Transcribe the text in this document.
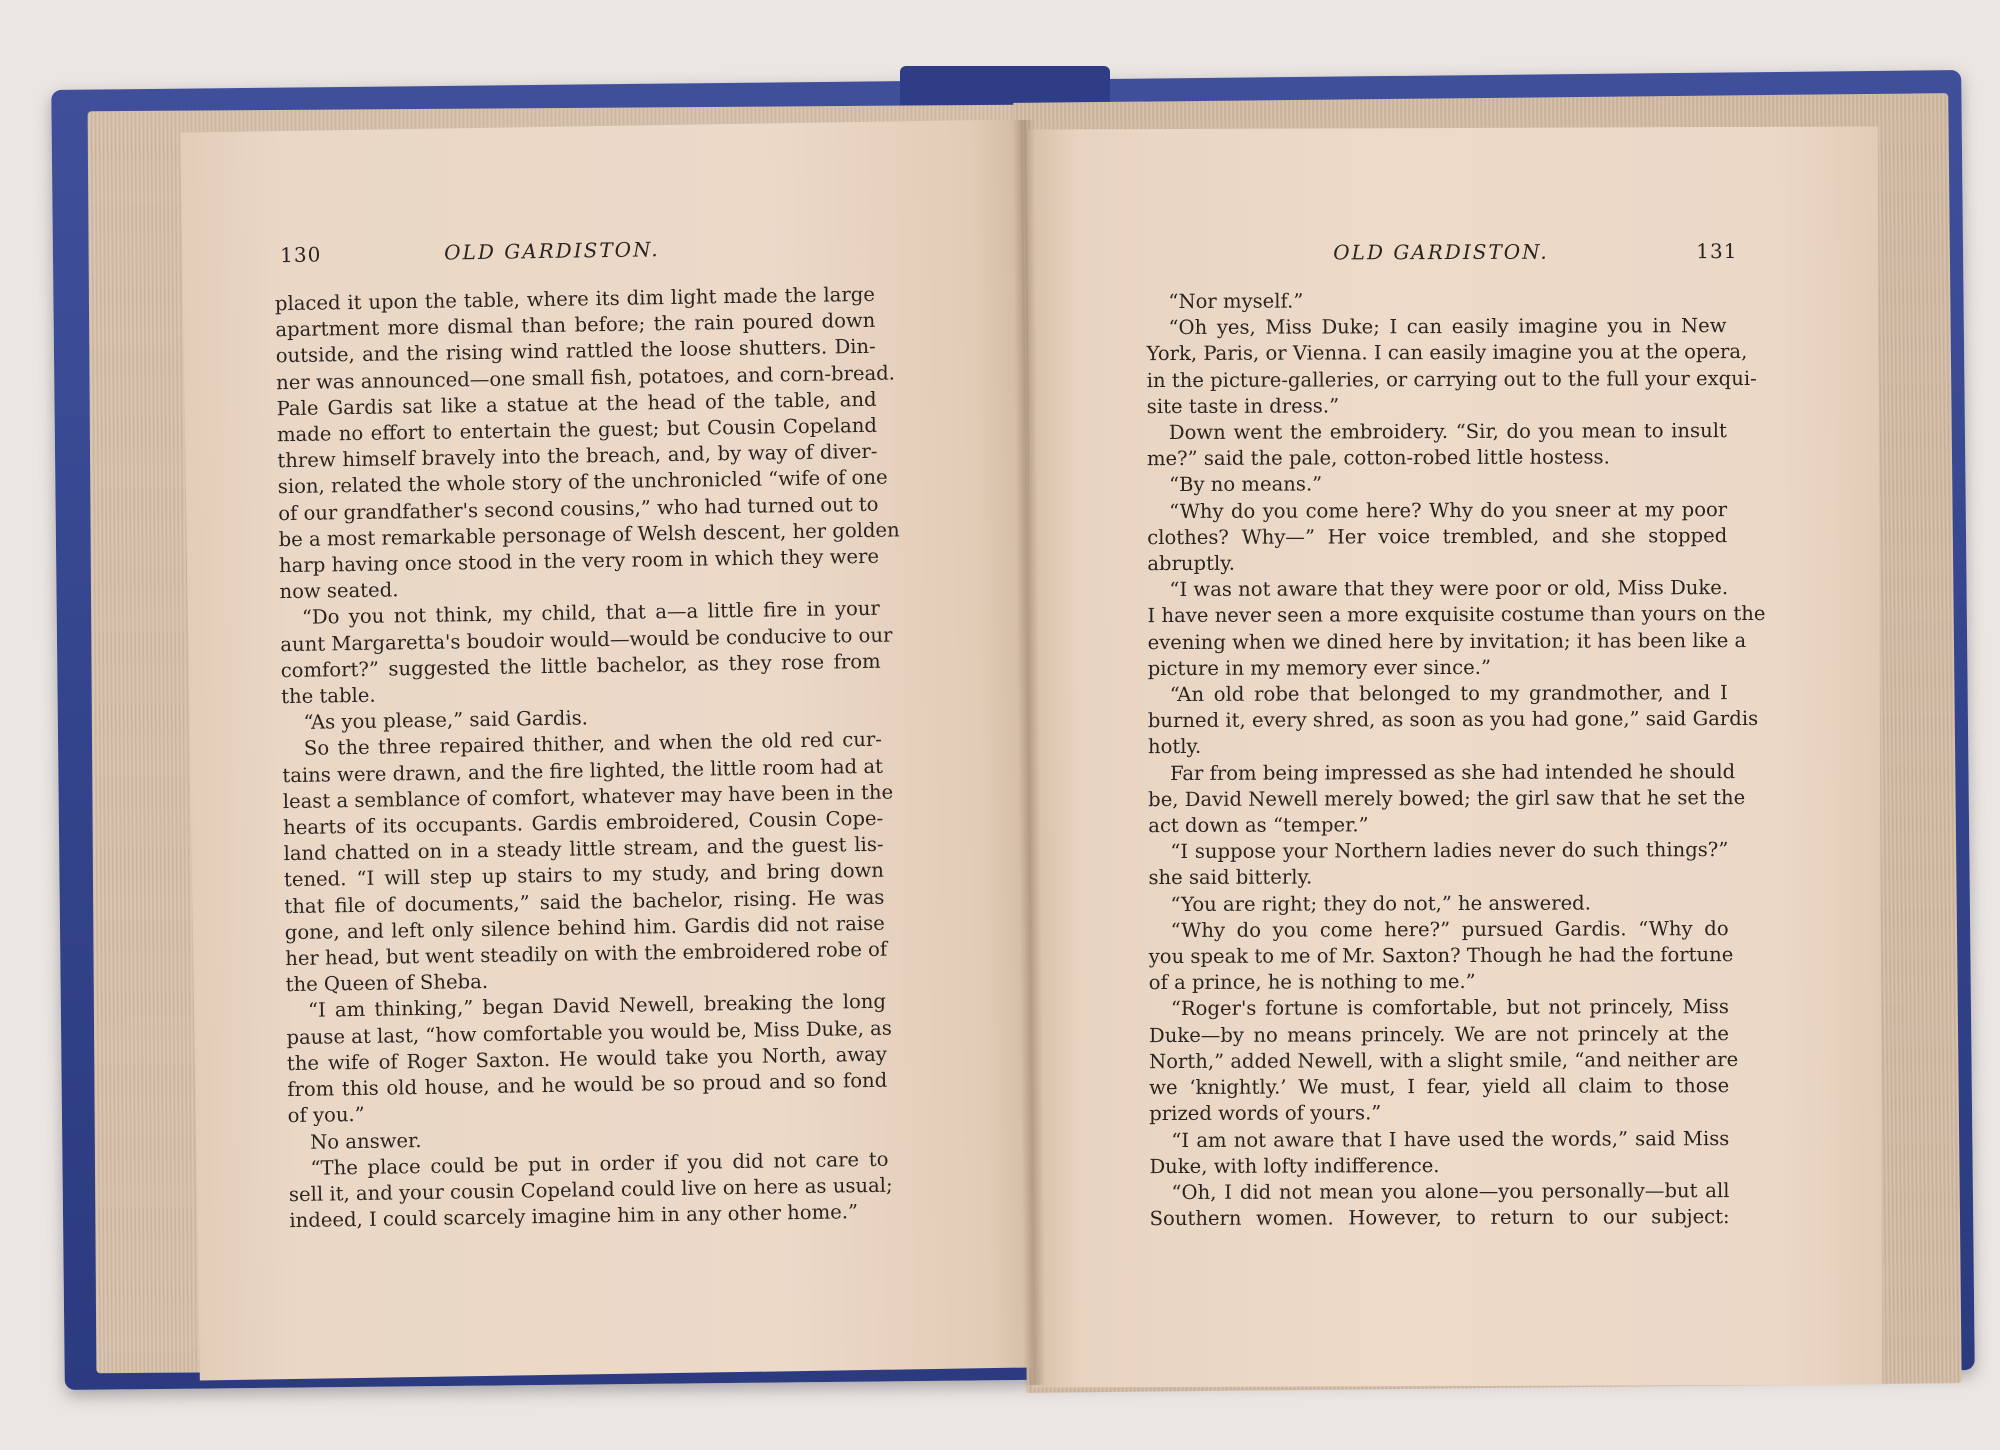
130	OLD GARDISTON.
placed it upon the table, where its dim light made the large
apartment more dismal than before; the rain poured down
outside, and the rising wind rattled the loose shutters. Din-
ner was announced—one small fish, potatoes, and corn-bread.
Pale Gardis sat like a statue at the head of the table, and
made no effort to entertain the guest; but Cousin Copeland
threw himself bravely into the breach, and, by way of diver-
sion, related the whole story of the unchronicled “wife of one
of our grandfather's second cousins,” who had turned out to
be a most remarkable personage of Welsh descent, her golden
harp having once stood in the very room in which they were
now seated.
“Do you not think, my child, that a—a little fire in your
aunt Margaretta's boudoir would—would be conducive to our
comfort?” suggested the little bachelor, as they rose from
the table.
“As you please,” said Gardis.
So the three repaired thither, and when the old red cur-
tains were drawn, and the fire lighted, the little room had at
least a semblance of comfort, whatever may have been in the
hearts of its occupants. Gardis embroidered, Cousin Cope-
land chatted on in a steady little stream, and the guest lis-
tened. “I will step up stairs to my study, and bring down
that file of documents,” said the bachelor, rising. He was
gone, and left only silence behind him. Gardis did not raise
her head, but went steadily on with the embroidered robe of
the Queen of Sheba.
“I am thinking,” began David Newell, breaking the long
pause at last, “how comfortable you would be, Miss Duke, as
the wife of Roger Saxton. He would take you North, away
from this old house, and he would be so proud and so fond
of you.”
No answer.
“The place could be put in order if you did not care to
sell it, and your cousin Copeland could live on here as usual;
indeed, I could scarcely imagine him in any other home.”
OLD GARDISTON.	131
“Nor myself.”
“Oh yes, Miss Duke; I can easily imagine you in New
York, Paris, or Vienna. I can easily imagine you at the opera,
in the picture-galleries, or carrying out to the full your exqui-
site taste in dress.”
Down went the embroidery. “Sir, do you mean to insult
me?” said the pale, cotton-robed little hostess.
“By no means.”
“Why do you come here? Why do you sneer at my poor
clothes? Why—” Her voice trembled, and she stopped
abruptly.
“I was not aware that they were poor or old, Miss Duke.
I have never seen a more exquisite costume than yours on the
evening when we dined here by invitation; it has been like a
picture in my memory ever since.”
“An old robe that belonged to my grandmother, and I
burned it, every shred, as soon as you had gone,” said Gardis
hotly.
Far from being impressed as she had intended he should
be, David Newell merely bowed; the girl saw that he set the
act down as “temper.”
“I suppose your Northern ladies never do such things?”
she said bitterly.
“You are right; they do not,” he answered.
“Why do you come here?” pursued Gardis. “Why do
you speak to me of Mr. Saxton? Though he had the fortune
of a prince, he is nothing to me.”
“Roger's fortune is comfortable, but not princely, Miss
Duke—by no means princely. We are not princely at the
North,” added Newell, with a slight smile, “and neither are
we ‘knightly.’ We must, I fear, yield all claim to those
prized words of yours.”
“I am not aware that I have used the words,” said Miss
Duke, with lofty indifference.
“Oh, I did not mean you alone—you personally—but all
Southern women. However, to return to our subject:
